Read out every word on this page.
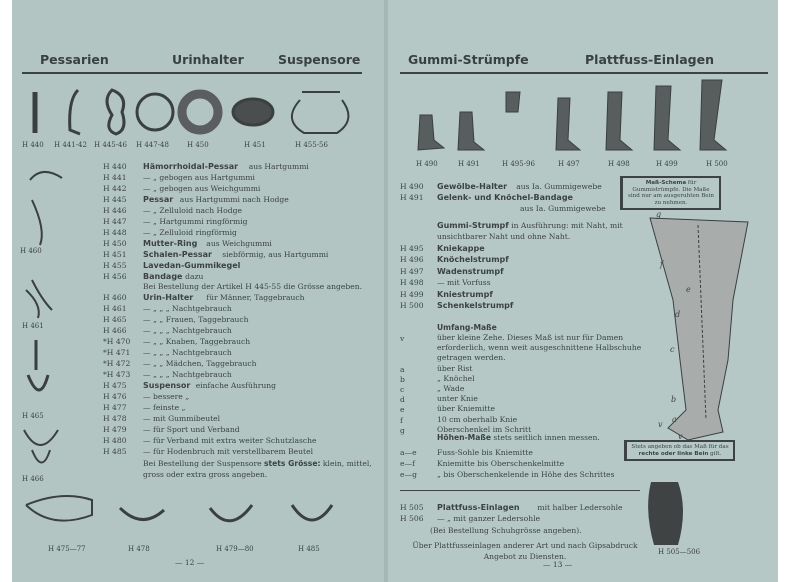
Pessarien	Urinhalter	Suspensore
H 440 H 441-42 H 445-46 H 447-48	H 450	H 451	H 455-56
H 460
H 461
H 465
H 466
H 475—77	H 478	H 479—80	H 485
H 440 Hämorrhoidal-Pessar aus Hartgummi
H 441 — „ gebogen aus Hartgummi
H 442 — „ gebogen aus Weichgummi
H 445 Pessar aus Hartgummi nach Hodge
H 446 — „ Zelluloid nach Hodge
H 447 — „ Hartgummi ringförmig
H 448 — „ Zelluloid ringförmig
H 450 Mutter-Ring aus Weichgummi
H 451 Schalen-Pessar siebförmig, aus Hartgummi
H 455 Lavedan-Gummikegel
H 456 Bandage dazu
Bei Bestellung der Artikel H 445-55 die Grösse angeben.
H 460 Urin-Halter für Männer, Taggebrauch
H 461 — „ „ „ Nachtgebrauch
H 465 — „ „ Frauen, Taggebrauch
H 466 — „ „ „ Nachtgebrauch
*H 470 — „ „ Knaben, Taggebrauch
*H 471 — „ „ „ Nachtgebrauch
*H 472 — „ „ Mädchen, Taggebrauch
*H 473 — „ „ „ Nachtgebrauch
H 475 Suspensor einfache Ausführung
H 476 — bessere „
H 477 — feinste „
H 478 — mit Gummibeutel
H 479 — für Sport und Verband
H 480 — für Verband mit extra weiter Schutzlasche
H 485 — für Hodenbruch mit verstellbarem Beutel
Bei Bestellung der Suspensore stets Grösse: klein, mittel, gross oder extra gross angeben.
— 12 —
Gummi-Strümpfe	Plattfuss-Einlagen
H 490	H 491	H 495-96	H 497	H 498	H 499	H 500
Maß-Schema für Gummistrümpfe. Die Maße sind nur am ausgeruhten Bein zu nehmen.
H 490 Gewölbe-Halter aus Ia. Gummigewebe
H 491 Gelenk- und Knöchel-Bandage
aus Ia. Gummigewebe
Gummi-Strumpf in Ausführung: mit Naht, mit unsichtbarer Naht und ohne Naht.
H 495 Kniekappe
H 496 Knöchelstrumpf
H 497 Wadenstrumpf
H 498 — mit Vorfuss
H 499 Kniestrumpf
H 500 Schenkelstrumpf
Umfang-Maße
v	über kleine Zehe. Dieses Maß ist nur für Damen erforderlich, wenn weit ausgeschnittene Halbschuhe getragen werden.
a	über Rist
b	„ Knöchel
c	„ Wade
d	unter Knie
e	über Kniemitte
f	10 cm oberhalb Knie
g	Oberschenkel im Schritt
Höhen-Maße stets seitlich innen messen.
a—e	Fuss-Sohle bis Kniemitte
e—f	Kniemitte bis Oberschenkelmitte
e—g	„ bis Oberschenkelende in Höhe des Schrittes
g
f
e
d
c
b
a
v
v
Stets angeben ob das Maß für das rechte oder linke Bein gilt.
H 505 Plattfuss-Einlagen mit halber Ledersohle
H 506 — „ mit ganzer Ledersohle
(Bei Bestellung Schuhgrösse angeben).
Über Plattfusseinlagen anderer Art und nach Gipsabdruck Angebot zu Diensten.	H 505—506
— 13 —
